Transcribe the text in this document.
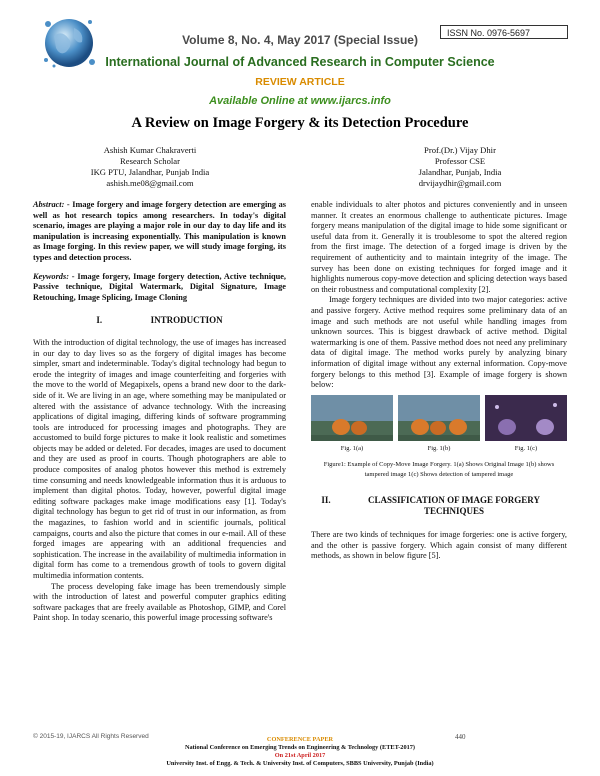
ISSN No. 0976-5697
Volume 8, No. 4, May 2017 (Special Issue)
International Journal of Advanced Research in Computer Science
REVIEW ARTICLE
Available Online at www.ijarcs.info
A Review on Image Forgery & its Detection Procedure
Ashish Kumar Chakraverti
Research Scholar
IKG PTU, Jalandhar, Punjab India
ashish.me08@gmail.com
Prof.(Dr.) Vijay Dhir
Professor CSE
Jalandhar, Punjab, India
drvijaydhir@gmail.com

Abstract: - Image forgery and image forgery detection are emerging as well as hot research topics among researchers. In today's digital scenario, images are playing a major role in our day to day life and its manipulation is increasing exponentially. This manipulation is known as Image forging. In this review paper, we will study image forging, its types and detection process.

Keywords: - Image forgery, Image forgery detection, Active technique, Passive technique, Digital Watermark, Digital Signature, Image Retouching, Image Splicing, Image Cloning

I.	INTRODUCTION

With the introduction of digital technology, the use of images has increased in our day to day lives so as the forgery of digital images has become simpler, smart and indeterminable. Today's digital technology had begun to erode the integrity of images and image counterfeiting and forgeries with the move to the world of Megapixels, opens a brand new door to the dark-side of it. We are living in an age, where something may be manipulated or altered with the assistance of advance technology. With the increasing applications of digital imaging, differing kinds of software programming tools are introduced for processing images and photographs. They are accustomed to build forge pictures to make it look realistic and sometimes objects may be added or deleted. For decades, images are used to document and they are used as proof in courts. Though photographers are able to produce composites of analog photos however this method is extremely time consuming and needs knowledgeable information thus it is arduous to implement than digital photos. Today, however, powerful digital image editing software packages make image modifications easy [1]. Today's digital technology has begun to get rid of trust in our information, as from the magazines, to fashion world and in scientific journals, political campaigns, courts and also the picture that comes in our e-mail. All of these forged images are appearing with an additional frequencies and sophistication. The increase in the availability of multimedia information in digital form has come to a tremendous growth of tools to govern digital multimedia information contents.

The process developing fake image has been tremendously simple with the introduction of latest and powerful computer graphics editing software packages that are freely available as Photoshop, GIMP, and Corel Paint shop. In today scenario, this powerful image processing software's

enable individuals to alter photos and pictures conveniently and in unseen manner. It creates an enormous challenge to authenticate pictures. Image forgery means manipulation of the digital image to hide some significant or useful data from it. Generally it is troublesome to spot the altered region from the first image. The detection of a forged image is driven by the requirement of authenticity and to maintain integrity of the image. The survey has been done on existing techniques for forged image and it highlights numerous copy-move detection and splicing detection ways based on their robustness and computational complexity [2].

Image forgery techniques are divided into two major categories: active and passive forgery. Active method requires some preliminary data of an image and such methods are not useful while handling images from unknown sources. This is biggest drawback of active method. Digital watermarking is one of them. Passive method does not need any preliminary data of digital image. The method works purely by analyzing binary information of digital image without any external information. Copy-move forgery belongs to this method [3]. Example of image forgery is shown below:

Fig. 1(a)	Fig. 1(b)	Fig. 1(c)
Figure1: Example of Copy-Move Image Forgery. 1(a) Shows Original Image 1(b) shows tampered image 1(c) Shows detection of tampered image
II.	CLASSIFICATION OF IMAGE FORGERY TECHNIQUES

There are two kinds of techniques for image forgeries: one is active forgery, and the other is passive forgery. Which again consist of many different methods, as shown in below figure [5].

© 2015-19, IJARCS All Rights Reserved	440
CONFERENCE PAPER
National Conference on Emerging Trends on Engineering & Technology (ETET-2017)
On 21st April 2017
University Inst. of Engg. & Tech. & University Inst. of Computers, SBBS University, Punjab (India)
